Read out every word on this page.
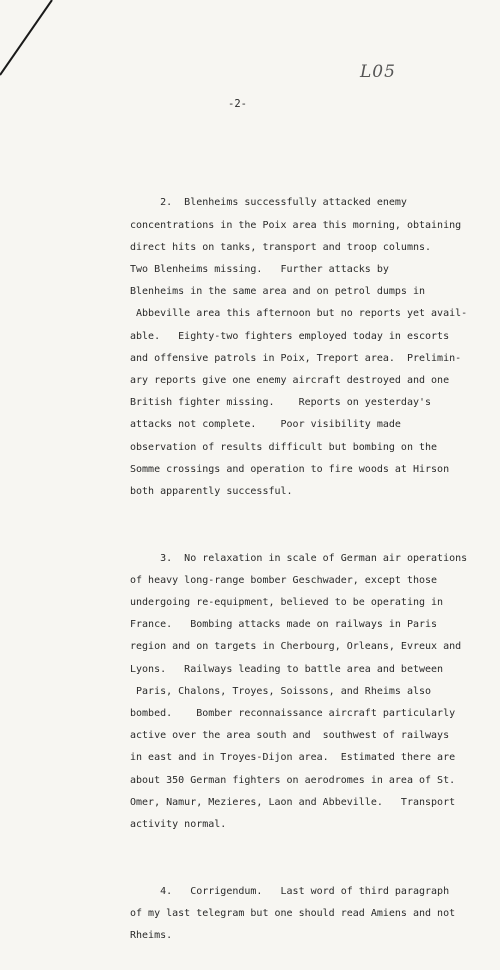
L05
-2-

2.  Blenheims successfully attacked enemy
concentrations in the Poix area this morning, obtaining
direct hits on tanks, transport and troop columns.
Two Blenheims missing.   Further attacks by
Blenheims in the same area and on petrol dumps in
Abbeville area this afternoon but no reports yet avail-
able.   Eighty-two fighters employed today in escorts
and offensive patrols in Poix, Treport area.  Prelimin-
ary reports give one enemy aircraft destroyed and one
British fighter missing.    Reports on yesterday's
attacks not complete.    Poor visibility made
observation of results difficult but bombing on the
Somme crossings and operation to fire woods at Hirson
both apparently successful.

3.  No relaxation in scale of German air operations
of heavy long-range bomber Geschwader, except those
undergoing re-equipment, believed to be operating in
France.   Bombing attacks made on railways in Paris
region and on targets in Cherbourg, Orleans, Evreux and
Lyons.   Railways leading to battle area and between
Paris, Chalons, Troyes, Soissons, and Rheims also
bombed.    Bomber reconnaissance aircraft particularly
active over the area south and  southwest of railways
in east and in Troyes-Dijon area.  Estimated there are
about 350 German fighters on aerodromes in area of St.
Omer, Namur, Mezieres, Laon and Abbeville.   Transport
activity normal.

4.   Corrigendum.   Last word of third paragraph
of my last telegram but one should read Amiens and not
Rheims.
